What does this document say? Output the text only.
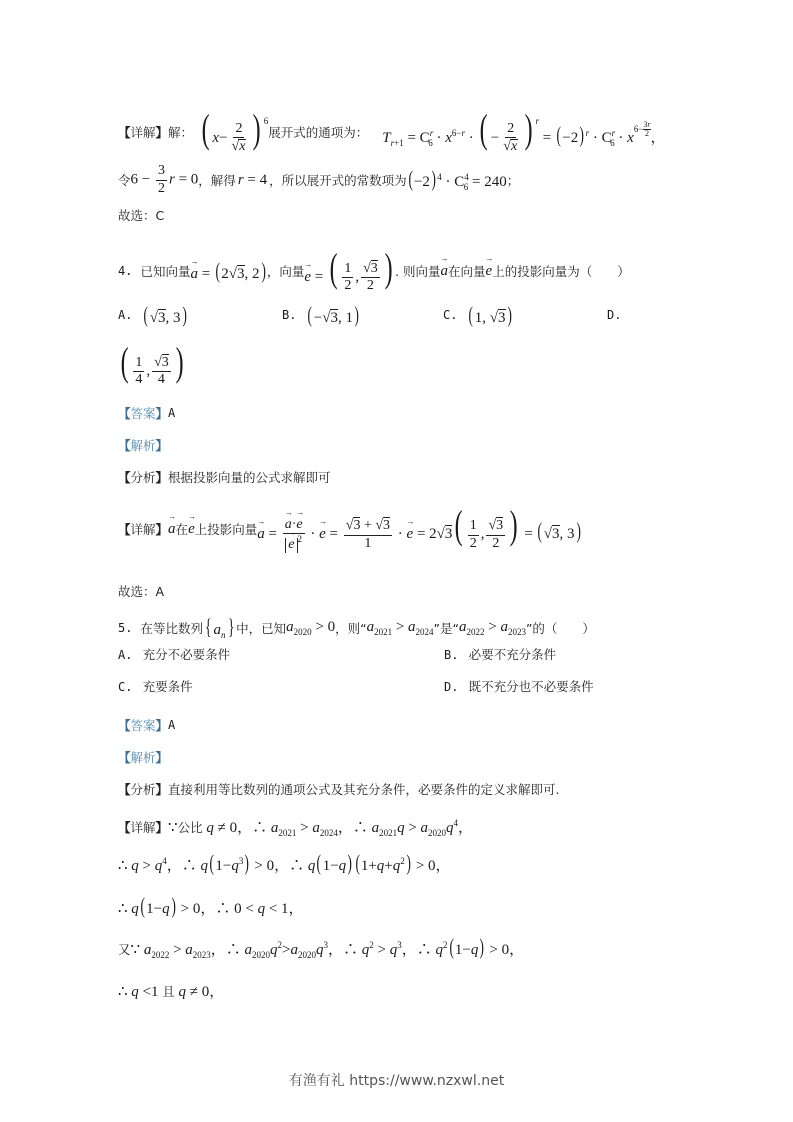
【详解】 解： ( $x- \frac{2}{√ x}$ ) $^6$
展开式的通项为： $T_{r+1} = C^r_6 \cdot x^{6-r}$ · ( − $\frac{2}{√ x}$ ) $^r = (-2)^r \cdot C^r_6 \cdot x^{6- \frac{3r}{2}}$ ，
令 $6 - \frac{3}{2}$ r = 0 ，解得 r = 4 ，所以展开式的常数项为 $(-2)^4 \cdot C^4_6 = 240$ ；
故选：C
4. 已知向量 → a = (2√3, 2) ，向量 → e = ( $\frac{1}{2}$ , $\frac{√3}{2}$ ) . 则向量 → a 在向量 → e 上的投影向量为（　　）
A. (√3, 3)	B. (−√3, 1)	C. (1, √3)	D.
( $\frac{1}{4}$ , $\frac{√3}{4}$ )
【答案】 A
【 解析 】
【分析】 根据投影向量的公式求解即可
【详解】 → a 在 → e 上投影向量 → a = → a·→ e
→ e $^2$ · → $e = \frac{√3 + √3}{1}$ · → $e = 2√3( \frac{1}{2}$ , $\frac{√3}{2}$ ) = (√3, 3)
故选：A
5. 在等比数列 { $a_n$} 中，已知 $a_{2020} > 0$ ，则“ $a_{2021} > a_{2024}$ ”是“ $a_{2022} > a_{2023}$ ”的（　　）
A. 充分不必要条件	B. 必要不充分条件
C. 充要条件	D. 既不充分也不必要条件
【答案】 A
【 解析 】
【分析】 直接利用等比数列的通项公式及其充分条件，必要条件的定义求解即可.
【详解】 ∵公比 q ≠ 0，∴ $a_{2021} > a_{2024}$，∴ $a_{2021}q > a_{2020}q^4$，
∴ $q > q^4$，∴ $q(1-q^3) > 0$，∴ q(1−q) $(1+q+q^2) > 0$，
∴ q(1−q) > 0，∴ 0 < q < 1，
又∵ $a_{2022} > a_{2023}$，∴ $a_{2020}q^2>a_{2020}q^3$，∴ $q^2 > q^3$，∴ $q^2(1-q) > 0$，
∴ q <1 且 q ≠ 0，
有渔有礼 https://www.nzxwl.net
